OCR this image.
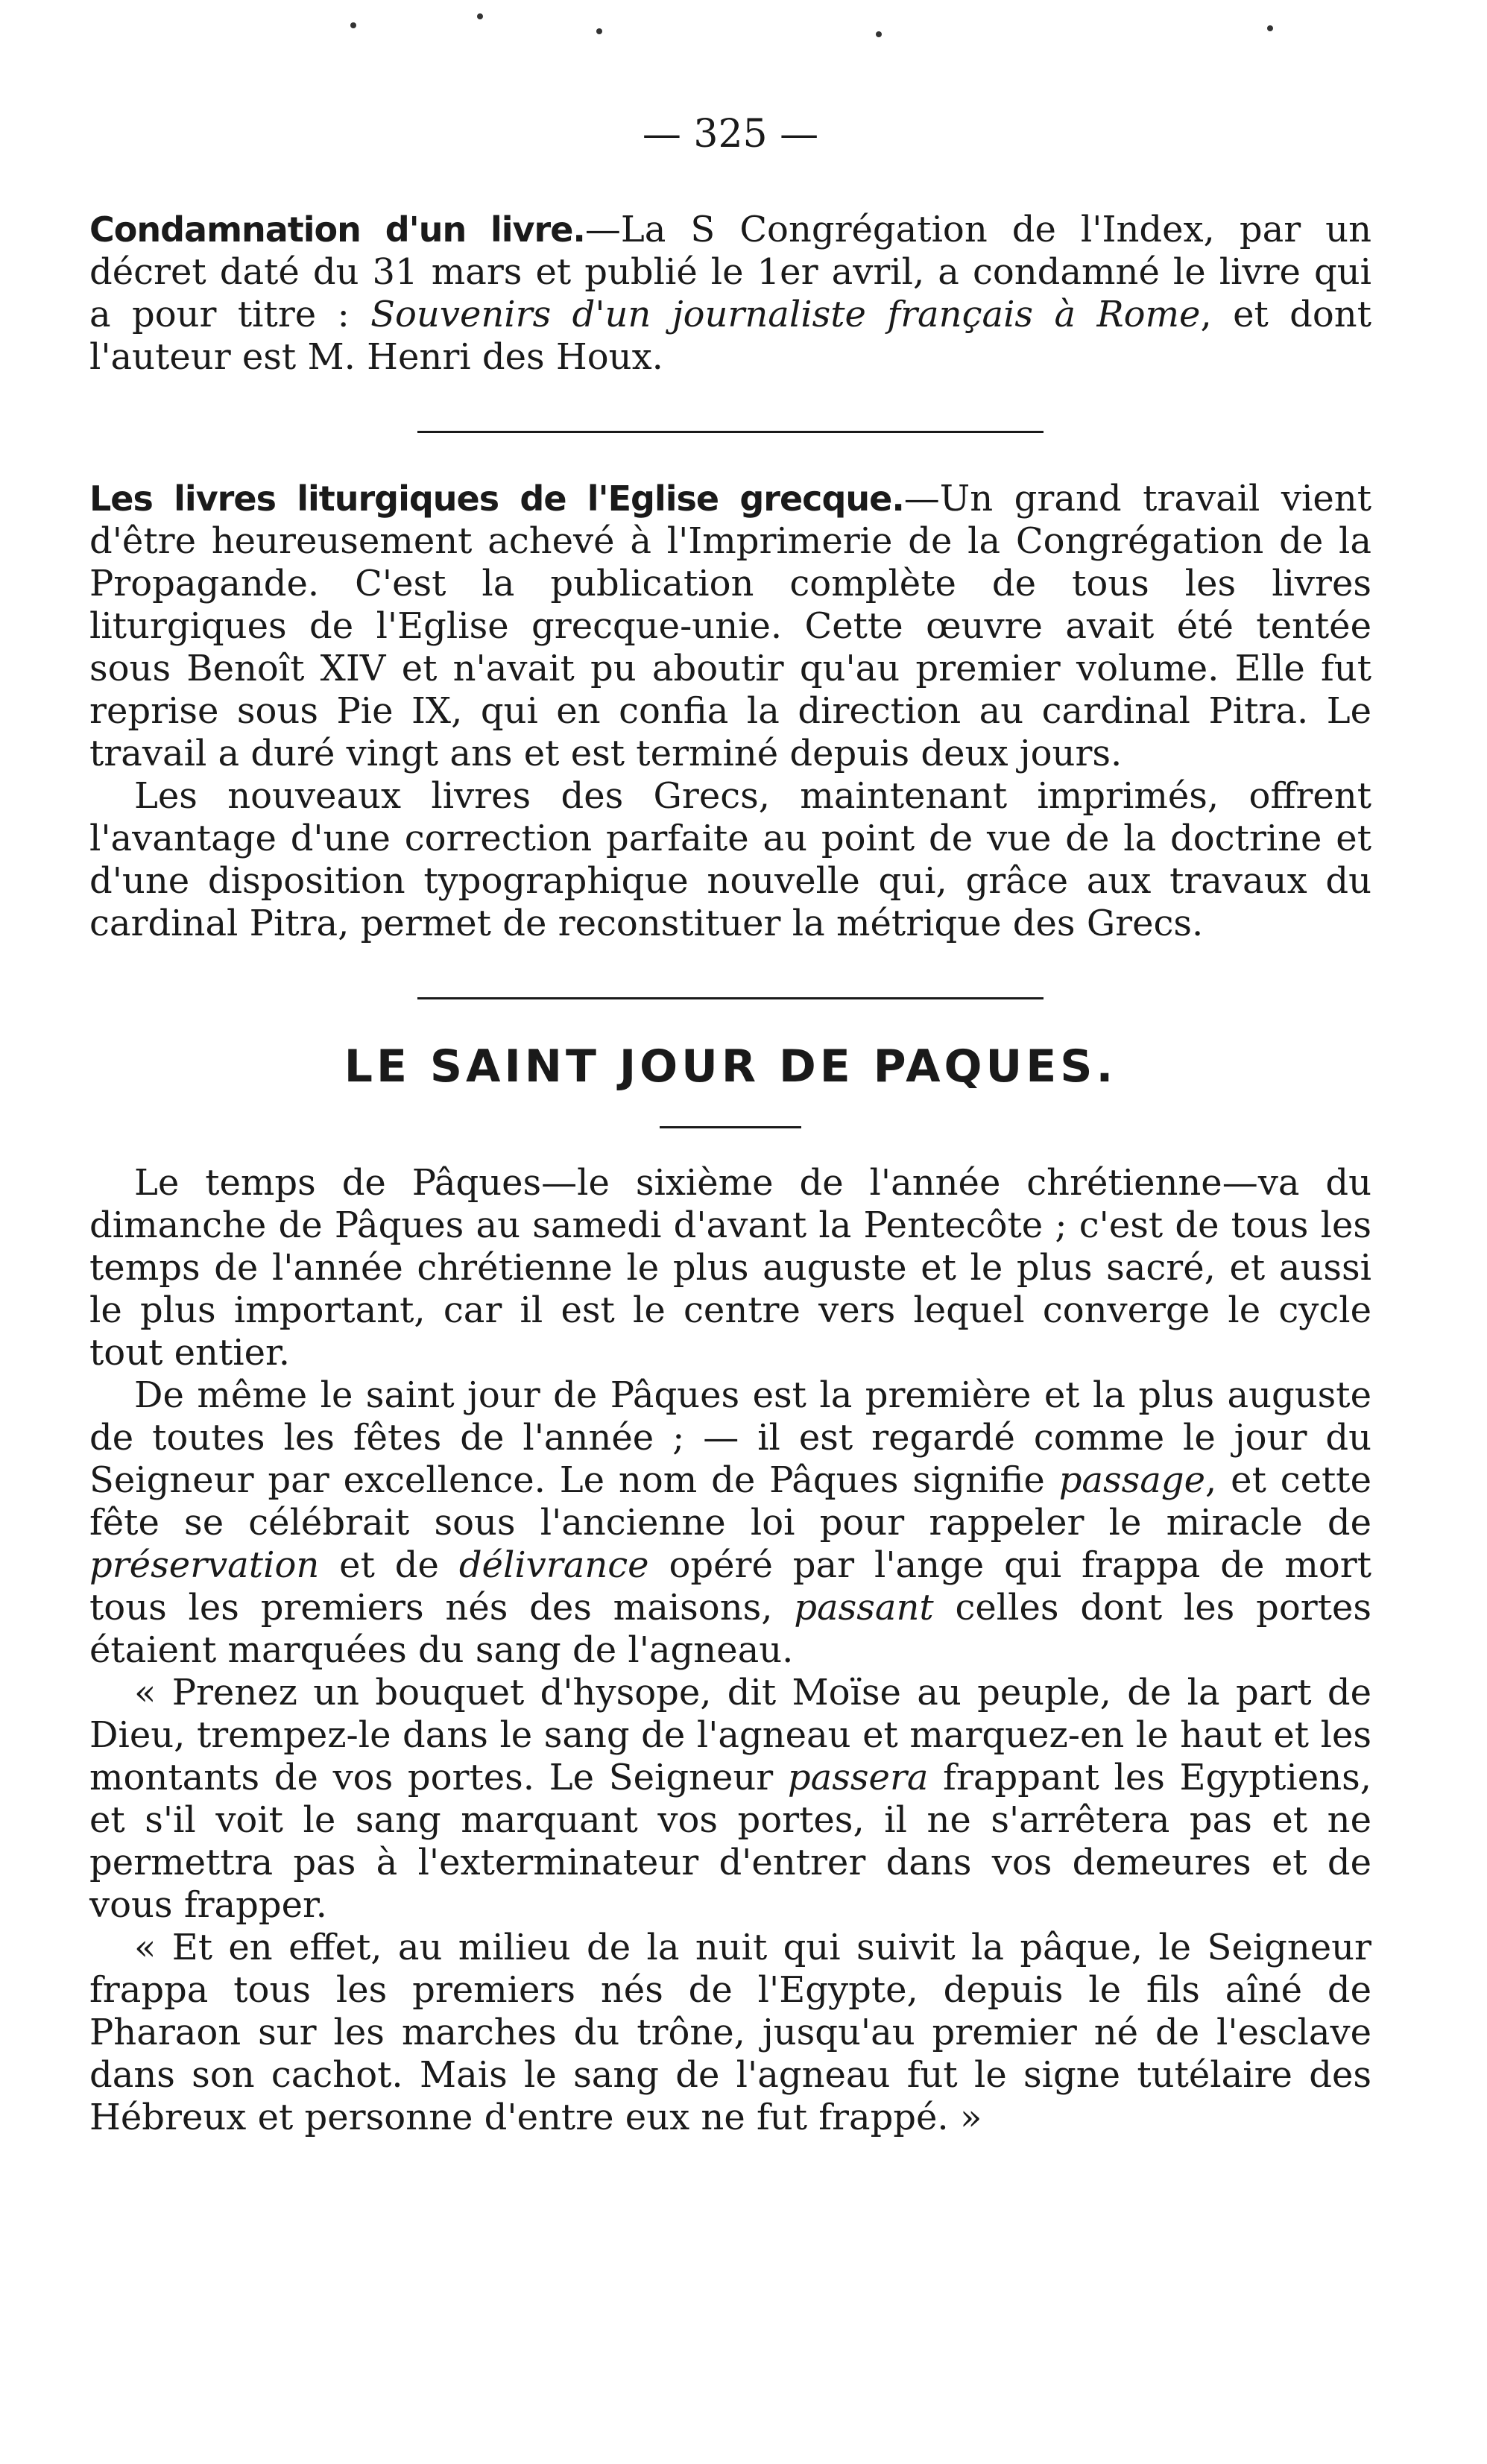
— 325 —

Condamnation d'un livre.—La S Congrégation de l'Index, par un décret daté du 31 mars et publié le 1er avril, a condamné le livre qui a pour titre : Souvenirs d'un journaliste français à Rome, et dont l'auteur est M. Henri des Houx.

Les livres liturgiques de l'Eglise grecque.—Un grand travail vient d'être heureusement achevé à l'Imprimerie de la Congrégation de la Propagande. C'est la publication complète de tous les livres liturgiques de l'Eglise grecque-unie. Cette œuvre avait été tentée sous Benoît XIV et n'avait pu aboutir qu'au premier volume. Elle fut reprise sous Pie IX, qui en confia la direction au cardinal Pitra. Le travail a duré vingt ans et est terminé depuis deux jours.

Les nouveaux livres des Grecs, maintenant imprimés, offrent l'avantage d'une correction parfaite au point de vue de la doctrine et d'une disposition typographique nouvelle qui, grâce aux travaux du cardinal Pitra, permet de reconstituer la métrique des Grecs.

LE SAINT JOUR DE PAQUES.

Le temps de Pâques—le sixième de l'année chrétienne—va du dimanche de Pâques au samedi d'avant la Pentecôte ; c'est de tous les temps de l'année chrétienne le plus auguste et le plus sacré, et aussi le plus important, car il est le centre vers lequel converge le cycle tout entier.

De même le saint jour de Pâques est la première et la plus auguste de toutes les fêtes de l'année ; — il est regardé comme le jour du Seigneur par excellence. Le nom de Pâques signifie passage, et cette fête se célébrait sous l'ancienne loi pour rappeler le miracle de préservation et de délivrance opéré par l'ange qui frappa de mort tous les premiers nés des maisons, passant celles dont les portes étaient marquées du sang de l'agneau.

« Prenez un bouquet d'hysope, dit Moïse au peuple, de la part de Dieu, trempez-le dans le sang de l'agneau et marquez-en le haut et les montants de vos portes. Le Seigneur passera frappant les Egyptiens, et s'il voit le sang marquant vos portes, il ne s'arrêtera pas et ne permettra pas à l'exterminateur d'entrer dans vos demeures et de vous frapper.

« Et en effet, au milieu de la nuit qui suivit la pâque, le Seigneur frappa tous les premiers nés de l'Egypte, depuis le fils aîné de Pharaon sur les marches du trône, jusqu'au premier né de l'esclave dans son cachot. Mais le sang de l'agneau fut le signe tutélaire des Hébreux et personne d'entre eux ne fut frappé. »
